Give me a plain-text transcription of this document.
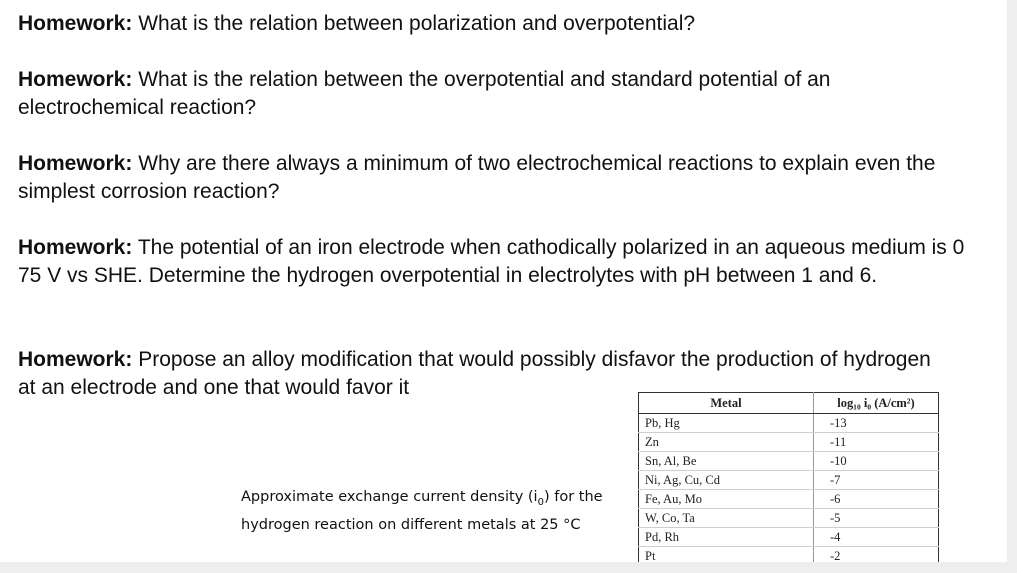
Homework: What is the relation between polarization and overpotential?

Homework: What is the relation between the overpotential and standard potential of an electrochemical reaction?

Homework: Why are there always a minimum of two electrochemical reactions to explain even the simplest corrosion reaction?

Homework: The potential of an iron electrode when cathodically polarized in an aqueous medium is 0 75 V vs SHE. Determine the hydrogen overpotential in electrolytes with pH between 1 and 6.

Homework: Propose an alloy modification that would possibly disfavor the production of hydrogen at an electrode and one that would favor it

Approximate exchange current density $(i_0)$ for the
hydrogen reaction on different metals at 25 °C
Metal	log₁₀ i₀ (A/cm²)
Pb, Hg	-13
Zn	-11
Sn, Al, Be	-10
Ni, Ag, Cu, Cd	-7
Fe, Au, Mo	-6
W, Co, Ta	-5
Pd, Rh	-4
Pt	-2
